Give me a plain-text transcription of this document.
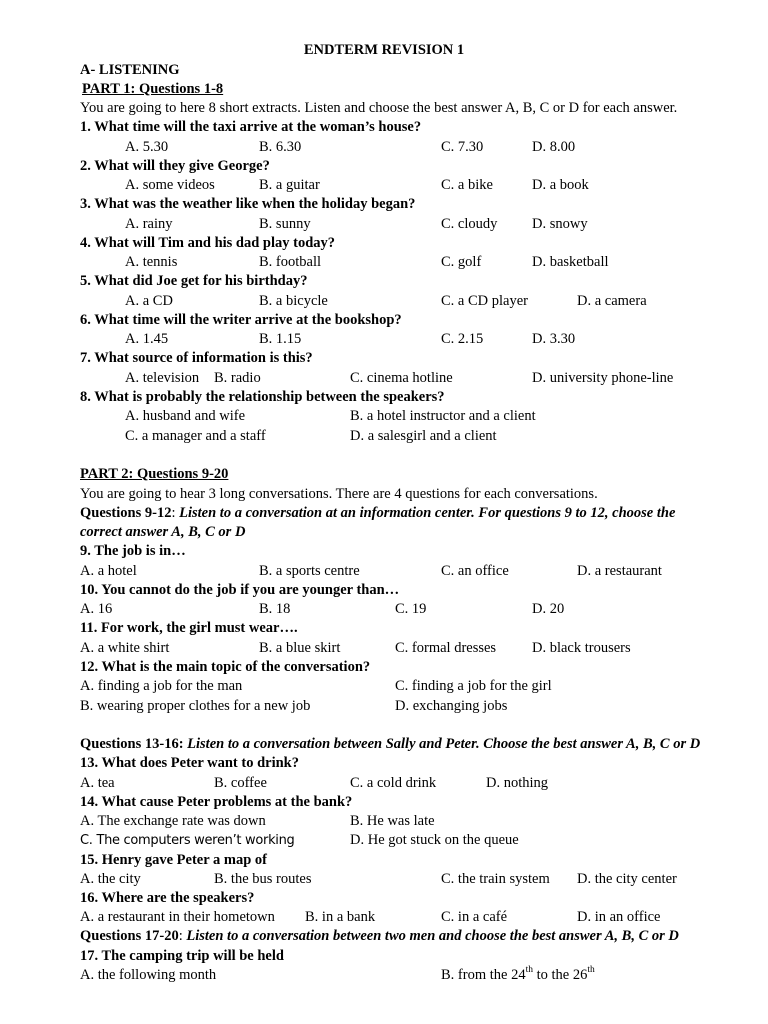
ENDTERM REVISION 1
A- LISTENING
PART 1: Questions 1-8
You are going to here 8 short extracts. Listen and choose the best answer A, B, C or D for each answer.
1. What time will the taxi arrive at the woman’s house?
A. 5.30	B. 6.30	C. 7.30	D. 8.00
2. What will they give George?
A. some videos	B. a guitar	C. a bike	D. a book
3. What was the weather like when the holiday began?
A. rainy	B. sunny	C. cloudy D. snowy
4. What will Tim and his dad play today?
A. tennis	B. football	C. golf	D. basketball
5. What did Joe get for his birthday?
A. a CD	B. a bicycle	C. a CD player	D. a camera
6. What time will the writer arrive at the bookshop?
A. 1.45	B. 1.15	C. 2.15	D. 3.30
7. What source of information is this?
A. television B. radio	C. cinema hotline	D. university phone-line
8. What is probably the relationship between the speakers?
A. husband and wife	B. a hotel instructor and a client
C. a manager and a staff	D. a salesgirl and a client
PART 2: Questions 9-20
You are going to hear 3 long conversations. There are 4 questions for each conversations.
Questions 9-12: Listen to a conversation at an information center. For questions 9 to 12, choose the
correct answer A, B, C or D
9. The job is in…
A. a hotel	B. a sports centre	C. an office	D. a restaurant
10. You cannot do the job if you are younger than…
A. 16	B. 18	C. 19	D. 20
11. For work, the girl must wear….
A. a white shirt	B. a blue skirt	C. formal dresses D. black trousers
12. What is the main topic of the conversation?
A. finding a job for the man	C. finding a job for the girl
B. wearing proper clothes for a new job	D. exchanging jobs
Questions 13-16: Listen to a conversation between Sally and Peter. Choose the best answer A, B, C or D
13. What does Peter want to drink?
A. tea	B. coffee	C. a cold drink	D. nothing
14. What cause Peter problems at the bank?
A. The exchange rate was down	B. He was late
C. The computers weren’t working	D. He got stuck on the queue
15. Henry gave Peter a map of
A. the city	B. the bus routes	C. the train system D. the city center
16. Where are the speakers?
A. a restaurant in their hometown B. in a bank	C. in a café	D. in an office
Questions 17-20: Listen to a conversation between two men and choose the best answer A, B, C or D
17. The camping trip will be held
A. the following month	B. from the 24th to the 26th
